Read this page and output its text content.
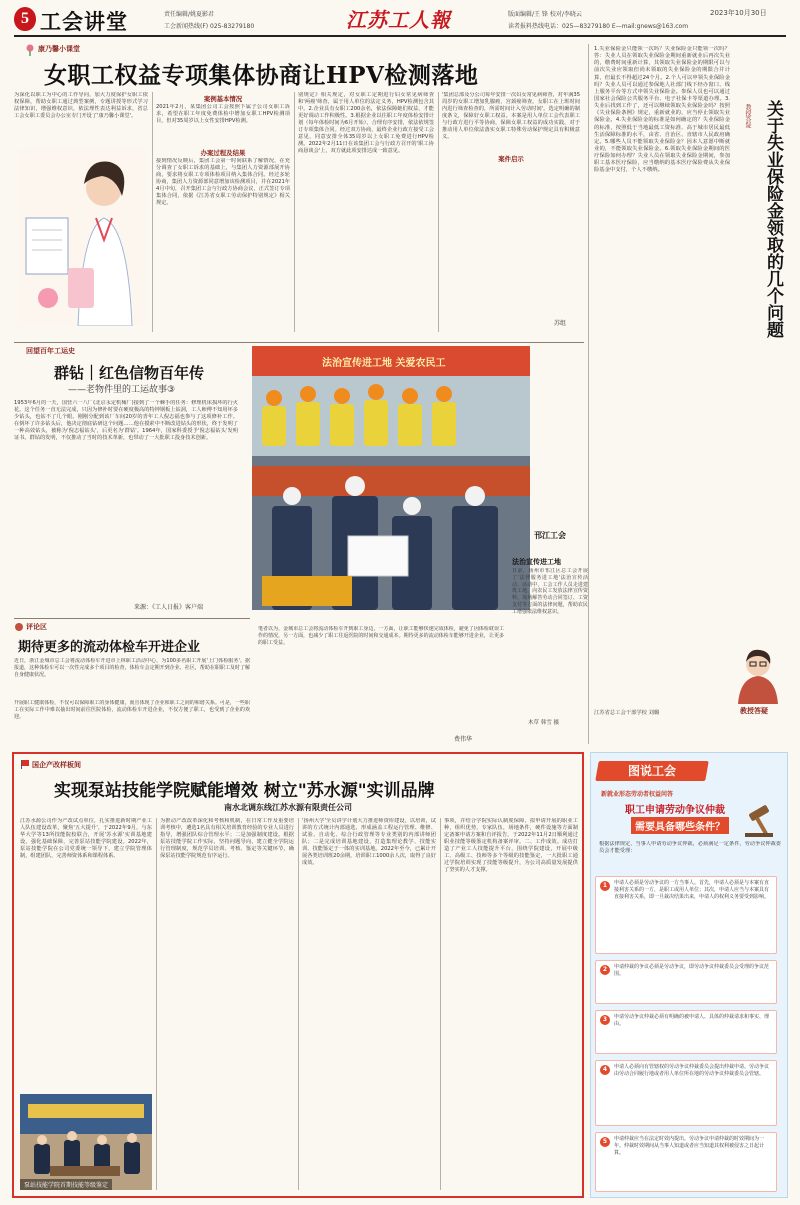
5 工会讲堂	责任编辑/姚夏影君
工会新闻热线(F) 025-83279180	江苏工人報	版面编辑/王 锋 校对/李晓云	2023年10月30日
读者报料热线电话：025—83279180 E—mail:gnews@163.com
康乃馨小课堂
女职工权益专项集体协商让HPV检测落地
为深化以职工为中心的工作导向，加大力度保护女职工依权保障，帮助女职工通过典型案例，专题讲授等形式学习法律知识，增强维权意识，依法理性表达利益诉求，省总工会女职工委员会办公室专门开设了'康乃馨小课堂'。
案例基本情况
2021年2月，某集团公司工会按照下属子公司女职工诉求，希望在职工年度免费体检中增加女职工HPV检测项目，但对35周岁以上女性安排HPV检测。
办案过程及结果
接到情况反映后，集团工会第一时间联系了解情况，在充分调查了女职工诉求的基础上，与集团人力资源部展开协商，要求将女职工专项体检项目纳入集体合同。经过多轮协商，集团人力资源部同意增加该检测项目，并在2021年4月中旬，召开集团工会与行政方协商会议，正式签订专项集体合同，依据《江苏省女职工劳动保护特别规定》相关规定。
别规定》相关规定，对女职工定期进行妇女常见病筛查和'两癌'筛查，属于用人单位的法定义务，HPV检测包含其中。2.企业具有女职工200余名，依法保障她们权益，才能更好调动工作积极性。3.根据企业以往职工年度体检安排计划（每年体检时间为6月开始），合理有序安排，依法依规签订专项集体合同。经过双方协商，最终企业行政方接受工会意见，同意安排全体35周岁以上女职工免费进行HPV检测。2022年2月11日在该集团工会与行政方召开的'职工协商恳谈会'上，双方就此项安排达成一致意见。
案件启示
'集团总部及分公司每年安排一次妇女常见病筛查，对年满35周岁的女职工增加乳腺癌、宫颈癌筛查。女职工在上班时间内进行筛查检查的，所需时间计入劳动时间'。选定明确的制度条文，保障好女职工权益。本案是用人单位工会代表职工与行政方进行平等协商，保障女职工权益的成功实践，对于推动用人单位依法落实女职工特殊劳动保护规定具有积极意义。
苏组
1.失业保险金只能领一次吗？失业保险金只能领一次吗？答：失业人员在领取失业保险金期间重新就业后再次失业的，缴费时间重新计算，其领取失业保险金的期限可以与前次失业应领取但尚未领取的失业保险金的期限合并计算，但最长不得超过24个月。2.个人可以申领失业保险金吗？失业人员可以通过参保地人社部门线下经办窗口、线上服务平台等方式申领失业保险金。参保人员也可以通过国家社会保险公共服务平台、电子社保卡等渠道办理。3.失业后找到工作了，还可以继续领取失业保险金吗？按照《失业保险条例》规定，重新就业的，应当停止领取失业保险金。4.失业保险金的标准是如何确定的？失业保险金的标准，按照低于当地最低工资标准、高于城市居民最低生活保障标准的水平，由省、自治区、直辖市人民政府确定。5.哪些人员不能领取失业保险金？因本人意愿中断就业的，不能领取失业保险金。6.领取失业保险金期间的医疗保险如何办理？失业人员在领取失业保险金期间，参加职工基本医疗保险，应当缴纳的基本医疗保险费从失业保险基金中支付，个人不缴纳。
教授答疑 关于失业保险金领取的几个问题
教授答疑
江苏省总工会干部学校 刘璐
回望百年工运史
群钻｜红色信物百年传
——老物件里的工运故事③
1953年6月的一天，国营六一八厂(北京永定机械厂)接到了一个棘手的任务：修理机床损坏的行火花。这个任务一直无法完成，只因为修补时要在硬度极高的特钟钢板上钻洞，工人师傅不知用坏多少钻头，也钻不了几个眼。刚刚分配到该厂车间20岁的青年工人倪志福也参与了这项修补工作。在倒坏了许多钻头后，他决定彻底钻研这个问题……他在摸索中不断改进钻头的形状，终于发明了一种高效钻头，被称为'倪志福钻头'，后更名为'群钻'。1964年，国家科委授予'倪志福钻头'发明证书。群钻的发明，不仅推动了当时的技术革新，也带动了一大批职工投身技术创新。
来源：《工人日报》客户端
法治宣传进工地 关爱农民工
邗江工会
法治宣传进工地
日前，扬州市邗江区总工会开展了'法律服务进工地'法治宣传活动。活动中，工会工作人员走进建筑工地，向农民工发放法律宣传资料，现场解答劳动合同签订、工资支付等方面的法律问题，帮助农民工增强依法维权意识。
木草 韩雪 摄
评论区
期待更多的流动体检车开进企业
近日，浙江金城市总工会将流动体检车开进市上林职工活动中心，为100多名职工开展'上门体检服务'。据报道，这种体检车可以一次性完成多个项目的检查，体检车会定期开到企业、社区，帮助在职职工及时了解自身健康状况。
开展职工健康体检，不仅可以保障职工的身体健康，而且体现了企业和职工之间的和谐关系。可是，一些职工在实际工作中难以抽出时间前往医院体检，流动体检车开进企业，不仅方便了职工，也受到了企业的欢迎。
笔者以为，金城市总工会将流动体检车开到职工身边，一方面，让职工能够快速完成体检，避免了因体检耽误工作的情况，另一方面，也减少了职工往返医院的时间和交通成本。期待更多的流动体检车能够开进企业，让更多的职工受益。
费伟华
国企产改样板间
实现泵站技能学院赋能增效 树立"苏水源"实训品牌
南水北调东线江苏水源有限责任公司
江苏水源公司作为产改试点单位，扎实推进新时期产业工人队伍建设改革，聚焦'五大提升'，于2022年9月，与东华大学等13所技能院校联合，开展'苏水源'实训基地建设。强化基础保障，完善泵站技能学院建设。2022年，泵站技能学院在公司党委统一领导下，建立学院管理体制，组建团队，完善师资体系和课程体系。
泵站技能学院首期技能等级鉴定
为推动产改改革深化和考核和机制，在日常工作及重要培训考核中，遴选1名具有相关培训教育经验的专业人员进行指导，增强团队综合管理水平；二是加强制度建设。根据泵站技能学院工作实际，坚持问题导向，建立健全学院运行管理制度，规范学员培训、考核、鉴定等关键环节，确保泵站技能学院规范有序运行。
'扬州大学'全员讲学计划大力推进师资库建设，以培训，试讲的方式统计内部通选，形成涵盖工程运行管理、维修、试验、自动化、综合行政管理等专业类别的内部讲师团队；二是完成培训基地建设，打造集理论教学、技能实训、技能鉴定于一体的实训基地。2022年至今，已累计开展各类培训班20余期，培训职工1000余人次，取得了良好成效。
事项，并结合学院实际认制度保障，拟申请开展的职业工种，组织优势，专家队伍，场地条件，硬件设施等方面制定备案申请方案和自评报告，于2022年11月2日顺利通过职业技能等级鉴定机构备案评审。二、工作成效。成功打造了产业工人技能提升平台，围绕学院建设，开展中级工、高级工、技师等多个等级的技能鉴定，一大批职工通过学院培训实现了技能等级提升，为公司高质量发展提供了坚实的人才支撑。
图说工会
新就业形态劳动者权益问答
职工申请劳动争议仲裁
需要具备哪些条件？
根据法律规定，当事人申请劳动争议仲裁，必须满足一定条件，劳动争议仲裁委员会才能受理：
1	申请人必须是劳动争议的一方当事人。首先，申请人必须是与本案有直接利害关系的一方，是职工或用人单位；其次，申请人应当与本案具有直接利害关系，即一旦裁决结果出来，申请人的权利义务要受到影响。
2	申请仲裁的争议必须是劳动争议，即劳动争议仲裁委员会受理的争议范围。
3	申请劳动争议仲裁必须有明确的被申请人、具体的仲裁请求和事实、理由。
4	申请人必须向有管辖权的劳动争议仲裁委员会提出仲裁申请。劳动争议由劳动合同履行地或者用人单位所在地的劳动争议仲裁委员会管辖。
5	申请仲裁应当在法定时效内提出。劳动争议申请仲裁的时效期间为一年。仲裁时效期间从当事人知道或者应当知道其权利被侵害之日起计算。
